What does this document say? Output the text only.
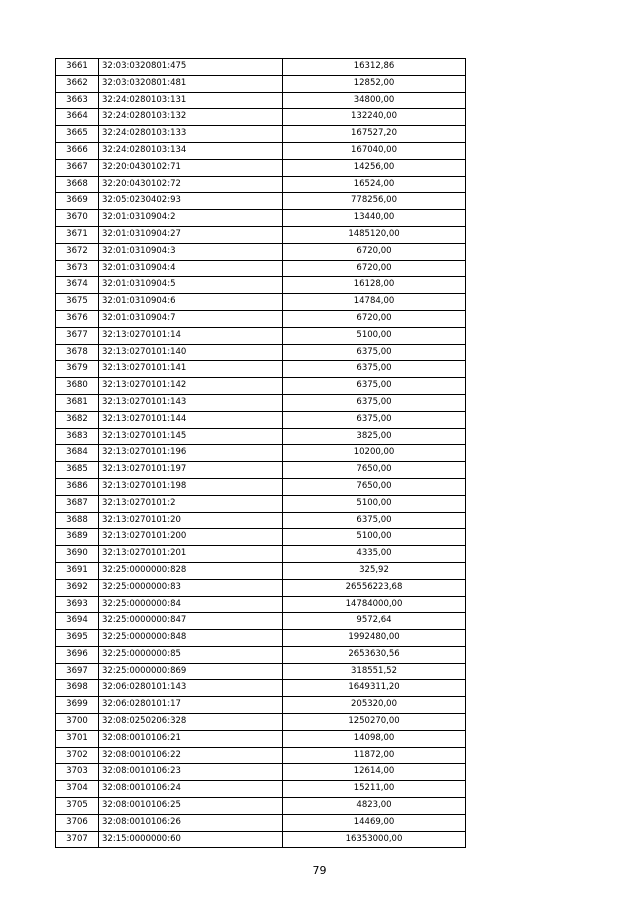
3661	32:03:0320801:475	16312,86
3662	32:03:0320801:481	12852,00
3663	32:24:0280103:131	34800,00
3664	32:24:0280103:132	132240,00
3665	32:24:0280103:133	167527,20
3666	32:24:0280103:134	167040,00
3667	32:20:0430102:71	14256,00
3668	32:20:0430102:72	16524,00
3669	32:05:0230402:93	778256,00
3670	32:01:0310904:2	13440,00
3671	32:01:0310904:27	1485120,00
3672	32:01:0310904:3	6720,00
3673	32:01:0310904:4	6720,00
3674	32:01:0310904:5	16128,00
3675	32:01:0310904:6	14784,00
3676	32:01:0310904:7	6720,00
3677	32:13:0270101:14	5100,00
3678	32:13:0270101:140	6375,00
3679	32:13:0270101:141	6375,00
3680	32:13:0270101:142	6375,00
3681	32:13:0270101:143	6375,00
3682	32:13:0270101:144	6375,00
3683	32:13:0270101:145	3825,00
3684	32:13:0270101:196	10200,00
3685	32:13:0270101:197	7650,00
3686	32:13:0270101:198	7650,00
3687	32:13:0270101:2	5100,00
3688	32:13:0270101:20	6375,00
3689	32:13:0270101:200	5100,00
3690	32:13:0270101:201	4335,00
3691	32:25:0000000:828	325,92
3692	32:25:0000000:83	26556223,68
3693	32:25:0000000:84	14784000,00
3694	32:25:0000000:847	9572,64
3695	32:25:0000000:848	1992480,00
3696	32:25:0000000:85	2653630,56
3697	32:25:0000000:869	318551,52
3698	32:06:0280101:143	1649311,20
3699	32:06:0280101:17	205320,00
3700	32:08:0250206:328	1250270,00
3701	32:08:0010106:21	14098,00
3702	32:08:0010106:22	11872,00
3703	32:08:0010106:23	12614,00
3704	32:08:0010106:24	15211,00
3705	32:08:0010106:25	4823,00
3706	32:08:0010106:26	14469,00
3707	32:15:0000000:60	16353000,00
79
